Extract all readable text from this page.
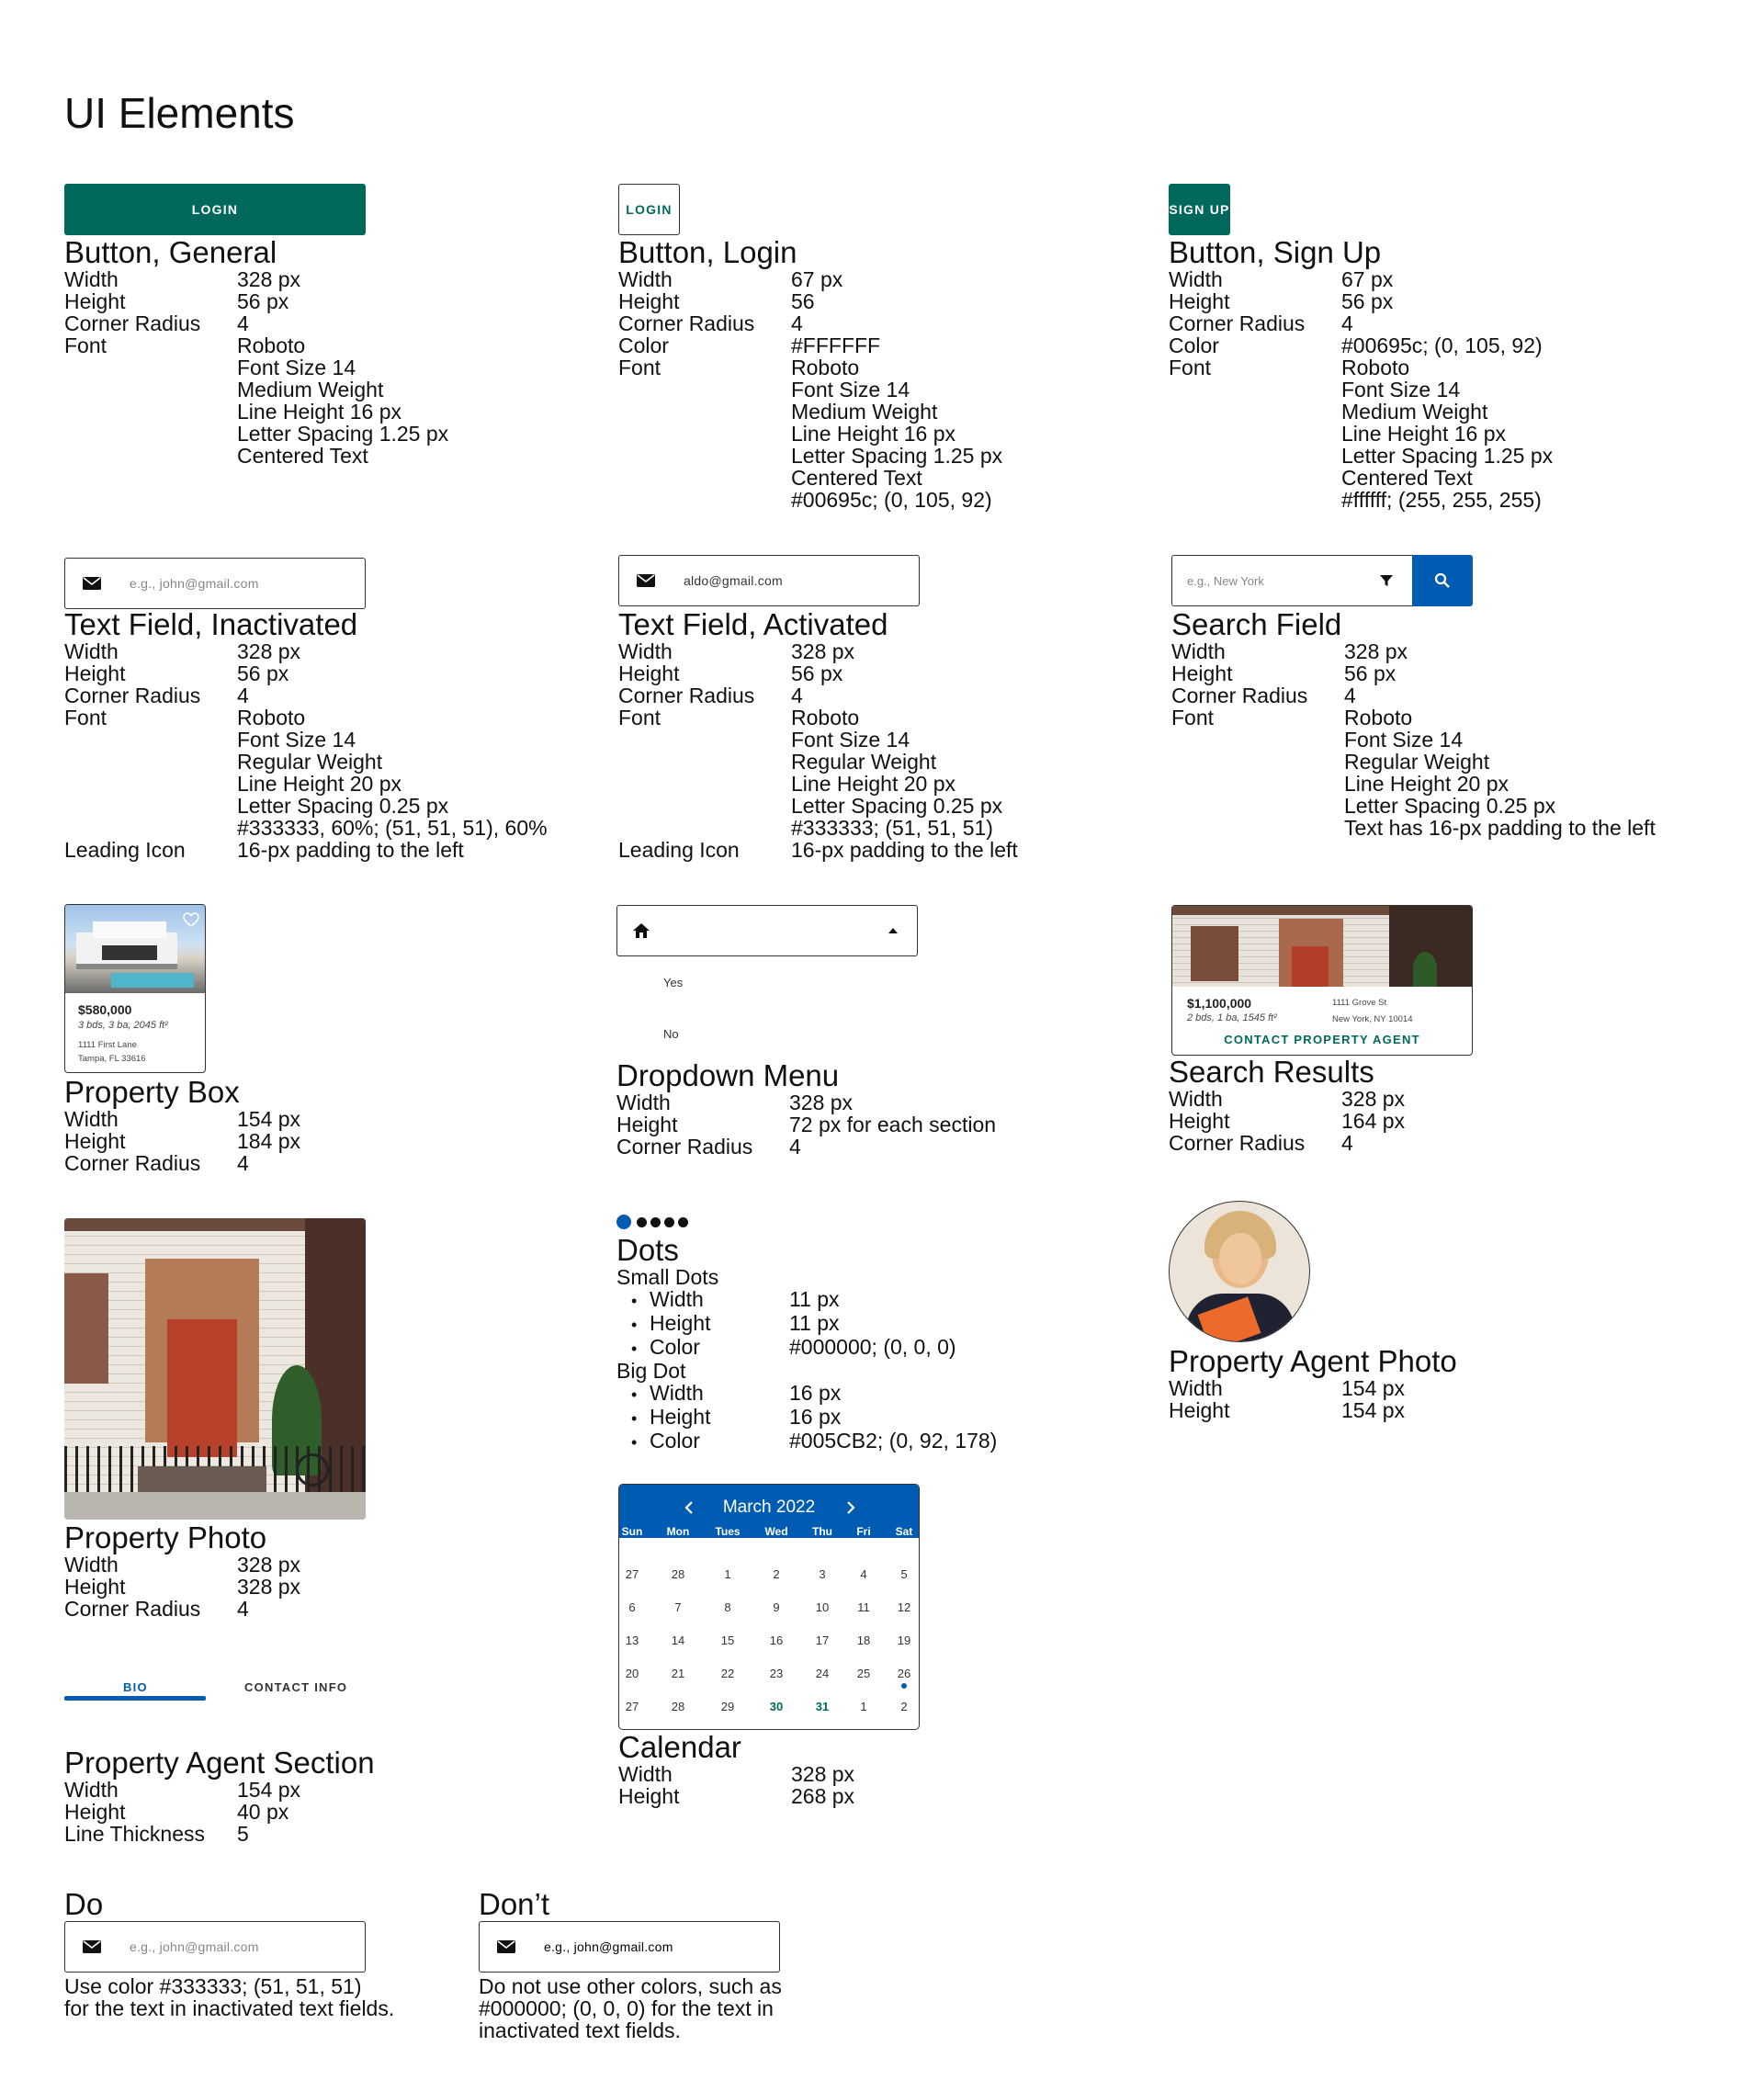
UI Elements
LOGIN
Button, General
Width	328 px
Height	56 px
Corner Radius	4
Font	Roboto
Font Size 14
Medium Weight
Line Height 16 px
Letter Spacing 1.25 px
Centered Text
LOGIN
Button, Login
Width	67 px
Height	56
Corner Radius	4
Color	#FFFFFF
Font	Roboto
Font Size 14
Medium Weight
Line Height 16 px
Letter Spacing 1.25 px
Centered Text
#00695c; (0, 105, 92)
SIGN UP
Button, Sign Up
Width	67 px
Height	56 px
Corner Radius	4
Color	#00695c; (0, 105, 92)
Font	Roboto
Font Size 14
Medium Weight
Line Height 16 px
Letter Spacing 1.25 px
Centered Text
#ffffff; (255, 255, 255)
e.g., john@gmail.com
Text Field, Inactivated
Width	328 px
Height	56 px
Corner Radius	4
Font	Roboto
Font Size 14
Regular Weight
Line Height 20 px
Letter Spacing 0.25 px
#333333, 60%; (51, 51, 51), 60%
Leading Icon	16-px padding to the left
aldo@gmail.com
Text Field, Activated
Width	328 px
Height	56 px
Corner Radius	4
Font	Roboto
Font Size 14
Regular Weight
Line Height 20 px
Letter Spacing 0.25 px
#333333; (51, 51, 51)
Leading Icon	16-px padding to the left
e.g., New York
Search Field
Width	328 px
Height	56 px
Corner Radius	4
Font	Roboto
Font Size 14
Regular Weight
Line Height 20 px
Letter Spacing 0.25 px
Text has 16-px padding to the left
$580,000
3 bds, 3 ba, 2045 ft²
1111 First Lane
Tampa, FL 33616
Property Box
Width	154 px
Height	184 px
Corner Radius	4
Yes
No
Dropdown Menu
Width	328 px
Height	72 px for each section
Corner Radius	4
$1,100,000
2 bds, 1 ba, 1545 ft²
1111 Grove St
New York, NY 10014
CONTACT PROPERTY AGENT
Search Results
Width	328 px
Height	164 px
Corner Radius	4
Property Photo
Width	328 px
Height	328 px
Corner Radius	4
Dots
Small Dots
• Width	11 px
• Height	11 px
• Color	#000000; (0, 0, 0)
Big Dot
• Width	16 px
• Height	16 px
• Color	#005CB2; (0, 92, 178)
Property Agent Photo
Width	154 px
Height	154 px
March 2022
Sun	Mon	Tues	Wed	Thu	Fri	Sat
27	28	1	2	3	4	5
6	7	8	9	10	11	12
13	14	15	16	17	18	19
20	21	22	23	24	25	26
27	28	29	30	31	1	2
Calendar
Width	328 px
Height	268 px
BIO	CONTACT INFO
Property Agent Section
Width	154 px
Height	40 px
Line Thickness	5
Do
e.g., john@gmail.com
Use color #333333; (51, 51, 51)
for the text in inactivated text fields.
Don’t
e.g., john@gmail.com
Do not use other colors, such as
#000000; (0, 0, 0) for the text in
inactivated text fields.
